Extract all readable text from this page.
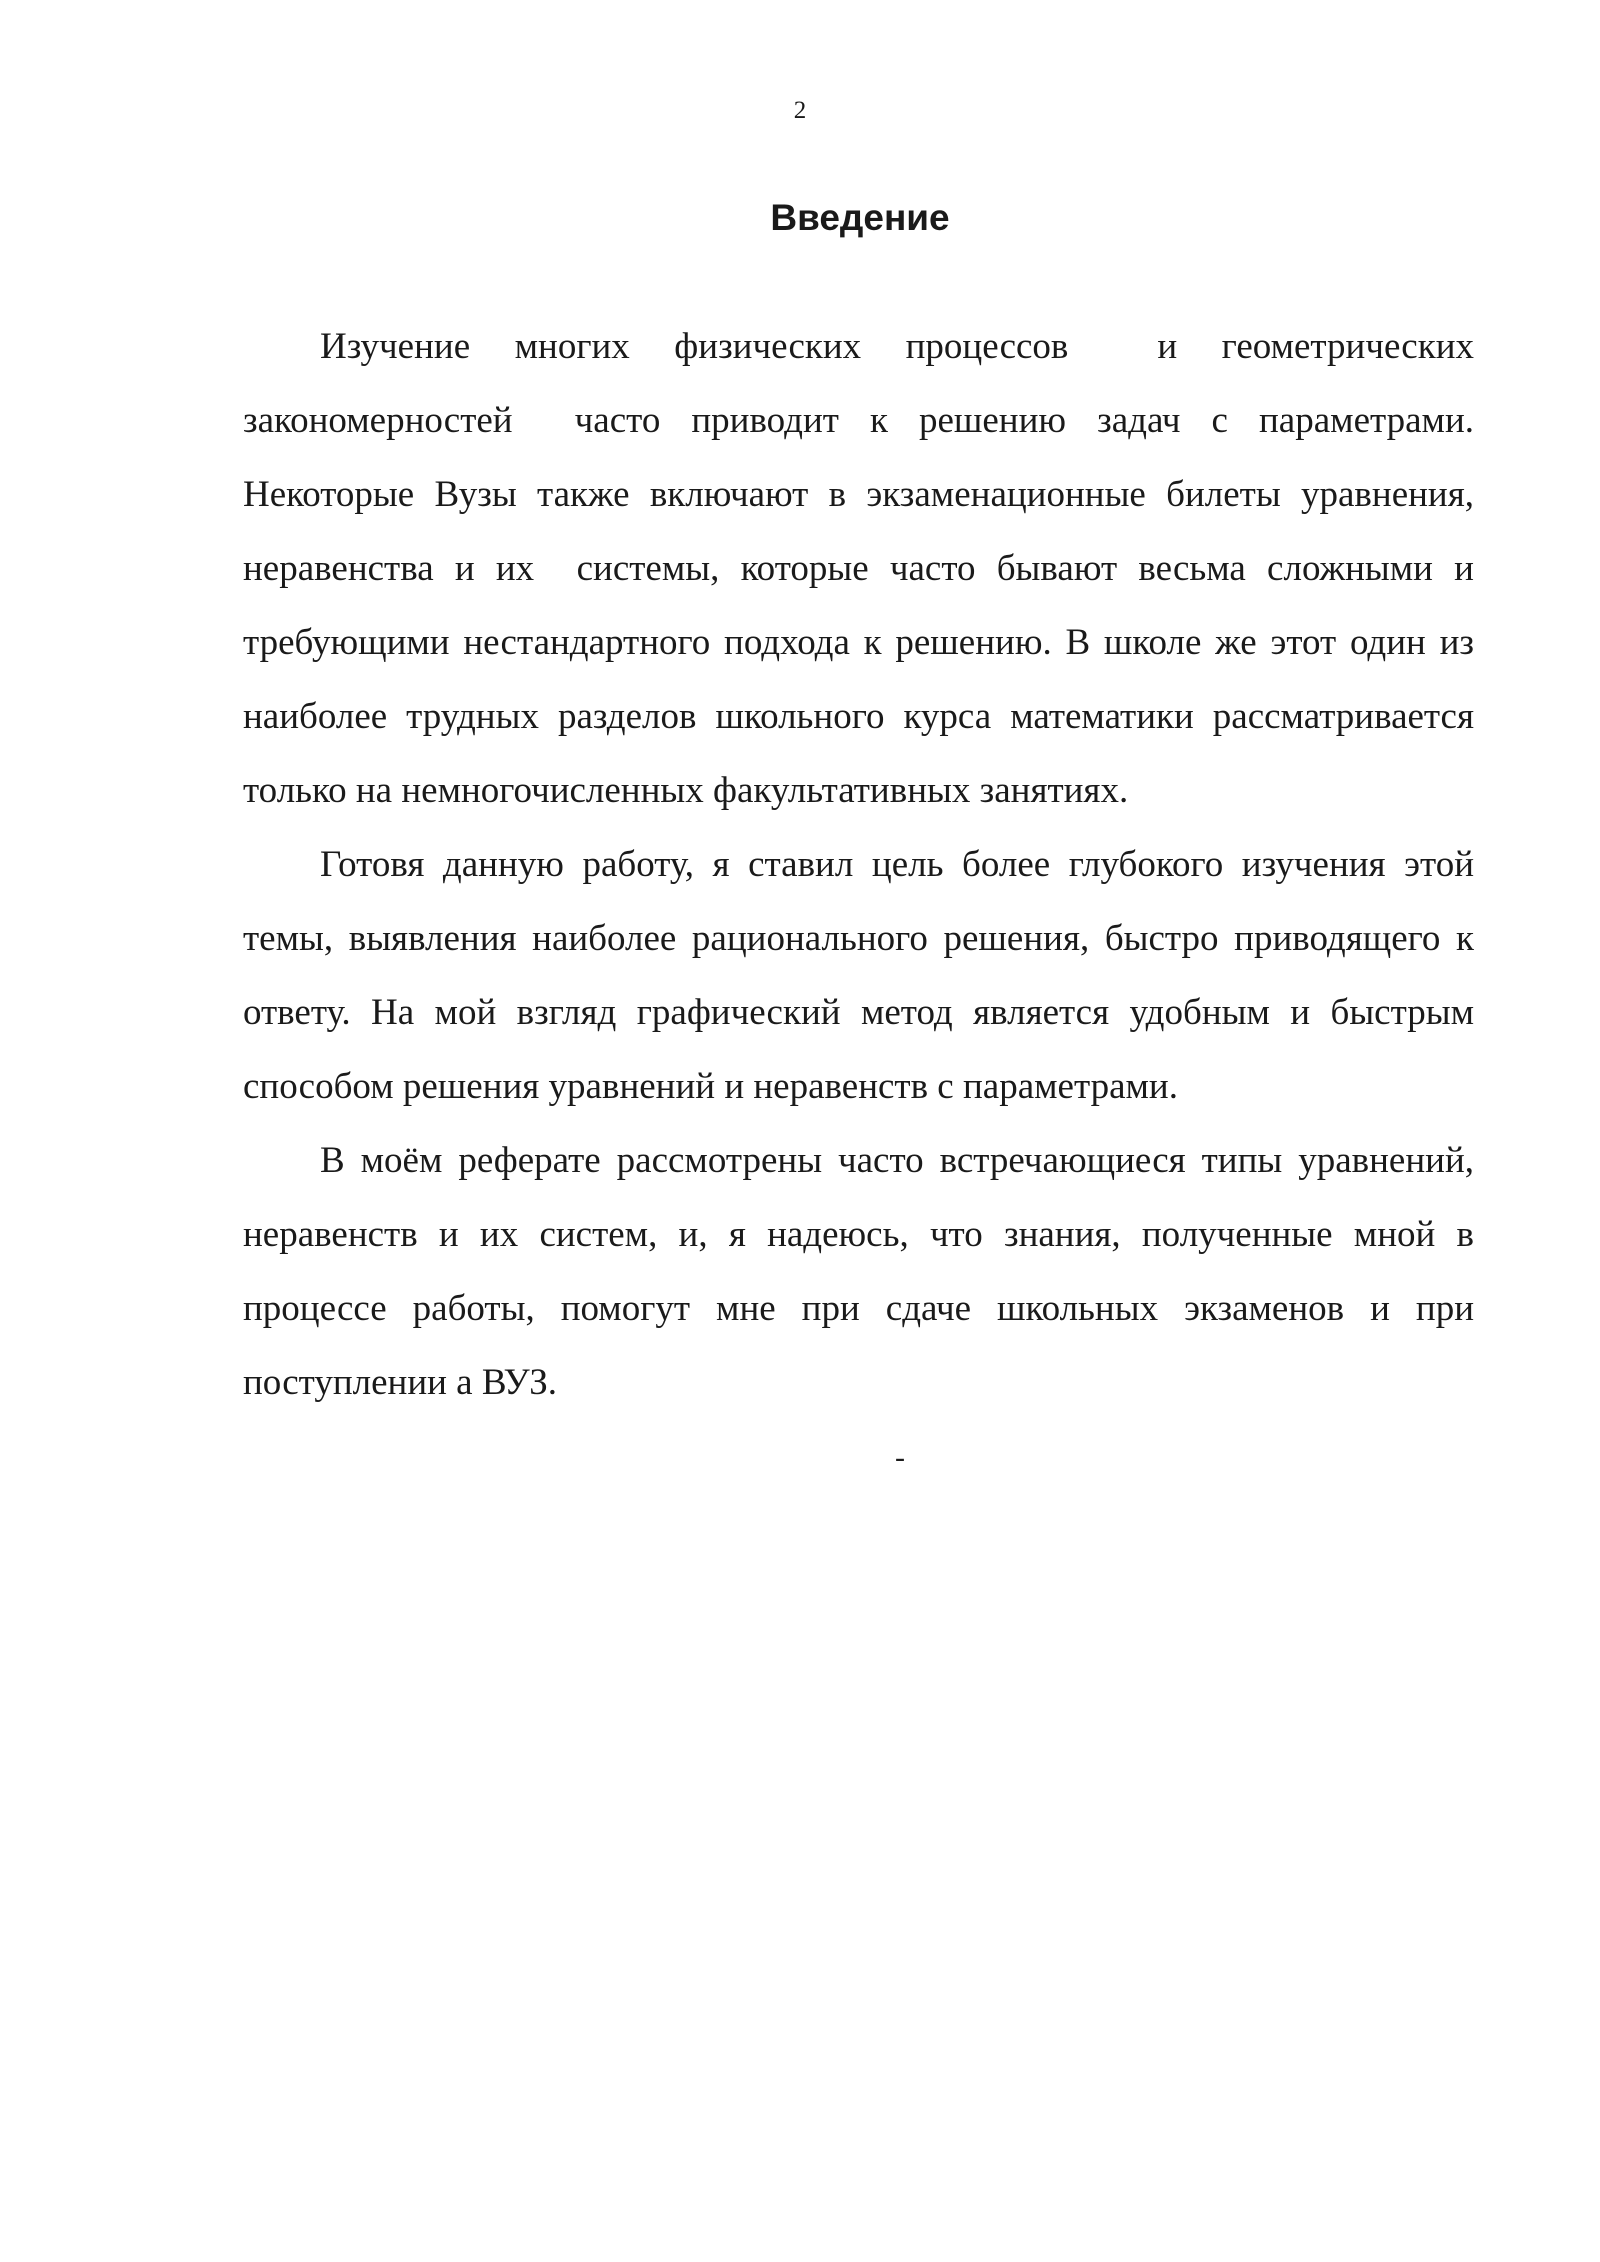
2
Введение

Изучение многих физических процессов  и геометрических закономерностей  часто приводит к решению задач с параметрами. Некоторые Вузы также включают в экзаменационные билеты уравнения, неравенства и их  системы, которые часто бывают весьма сложными и требующими нестандартного подхода к решению. В школе же этот один из наиболее трудных разделов школьного курса математики рассматривается только на немногочисленных факультативных занятиях.

Готовя данную работу, я ставил цель более глубокого изучения этой темы, выявления наиболее рационального решения, быстро приводящего к ответу. На мой взгляд графический метод является удобным и быстрым способом решения уравнений и неравенств с параметрами.

В моём реферате рассмотрены часто встречающиеся типы уравнений, неравенств и их систем, и, я надеюсь, что знания, полученные мной в процессе работы, помогут мне при сдаче школьных экзаменов и при поступлении а ВУЗ.

-
